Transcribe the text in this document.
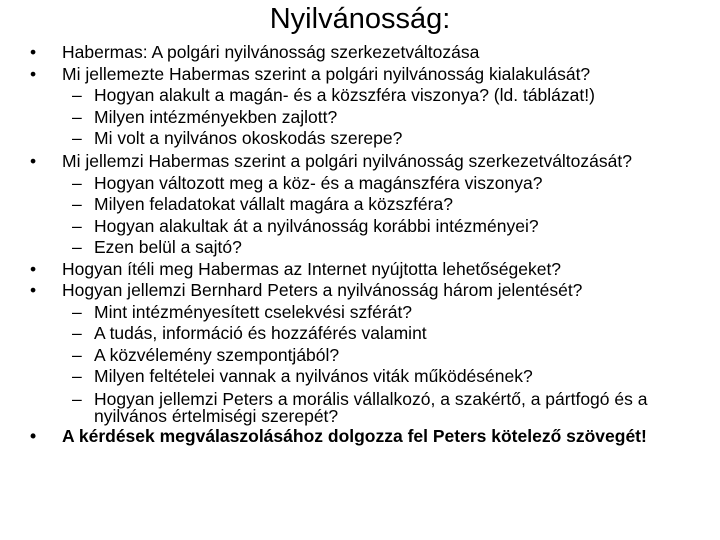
Nyilvánosság:
• Habermas: A polgári nyilvánosság szerkezetváltozása
• Mi jellemezte Habermas szerint a polgári nyilvánosság kialakulását?
– Hogyan alakult a magán- és a közszféra viszonya? (ld. táblázat!)
– Milyen intézményekben zajlott?
– Mi volt a nyilvános okoskodás szerepe?
• Mi jellemzi Habermas szerint a polgári nyilvánosság szerkezetváltozását?
– Hogyan változott meg a köz- és a magánszféra viszonya?
– Milyen feladatokat vállalt magára a közszféra?
– Hogyan alakultak át a nyilvánosság korábbi intézményei?
– Ezen belül a sajtó?
• Hogyan ítéli meg Habermas az Internet nyújtotta lehetőségeket?
• Hogyan jellemzi Bernhard Peters a nyilvánosság három jelentését?
– Mint intézményesített cselekvési szférát?
– A tudás, információ és hozzáférés valamint
– A közvélemény szempontjából?
– Milyen feltételei vannak a nyilvános viták működésének?
– Hogyan jellemzi Peters a morális vállalkozó, a szakértő, a pártfogó és a nyilvános értelmiségi szerepét?
• A kérdések megválaszolásához dolgozza fel Peters kötelező szövegét!
